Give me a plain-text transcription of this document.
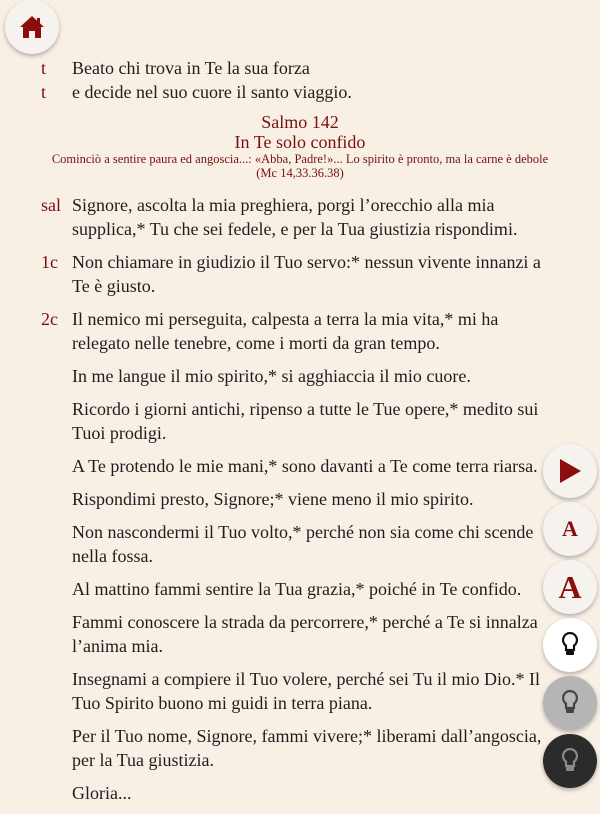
t	Beato chi trova in Te la sua forza
t	e decide nel suo cuore il santo viaggio.
Salmo 142
In Te solo confido
Cominciò a sentire paura ed angoscia...: «Abba, Padre!»... Lo spirito è pronto, ma la carne è debole (Mc 14,33.36.38)
sal Signore, ascolta la mia preghiera, porgi l’orecchio alla mia
supplica,* Tu che sei fedele, e per la Tua giustizia rispondimi.
1c Non chiamare in giudizio il Tuo servo:* nessun vivente innanzi a
Te è giusto.
2c Il nemico mi perseguita, calpesta a terra la mia vita,* mi ha
relegato nelle tenebre, come i morti da gran tempo.
In me langue il mio spirito,* si agghiaccia il mio cuore.
Ricordo i giorni antichi, ripenso a tutte le Tue opere,* medito sui
Tuoi prodigi.
A Te protendo le mie mani,* sono davanti a Te come terra riarsa.
Rispondimi presto, Signore;* viene meno il mio spirito.
Non nascondermi il Tuo volto,* perché non sia come chi scende
nella fossa.
Al mattino fammi sentire la Tua grazia,* poiché in Te confido.
Fammi conoscere la strada da percorrere,* perché a Te si innalza
l’anima mia.
Insegnami a compiere il Tuo volere, perché sei Tu il mio Dio.* Il
Tuo Spirito buono mi guidi in terra piana.
Per il Tuo nome, Signore, fammi vivere;* liberami dall’angoscia,
per la Tua giustizia.
Gloria...
A
A
